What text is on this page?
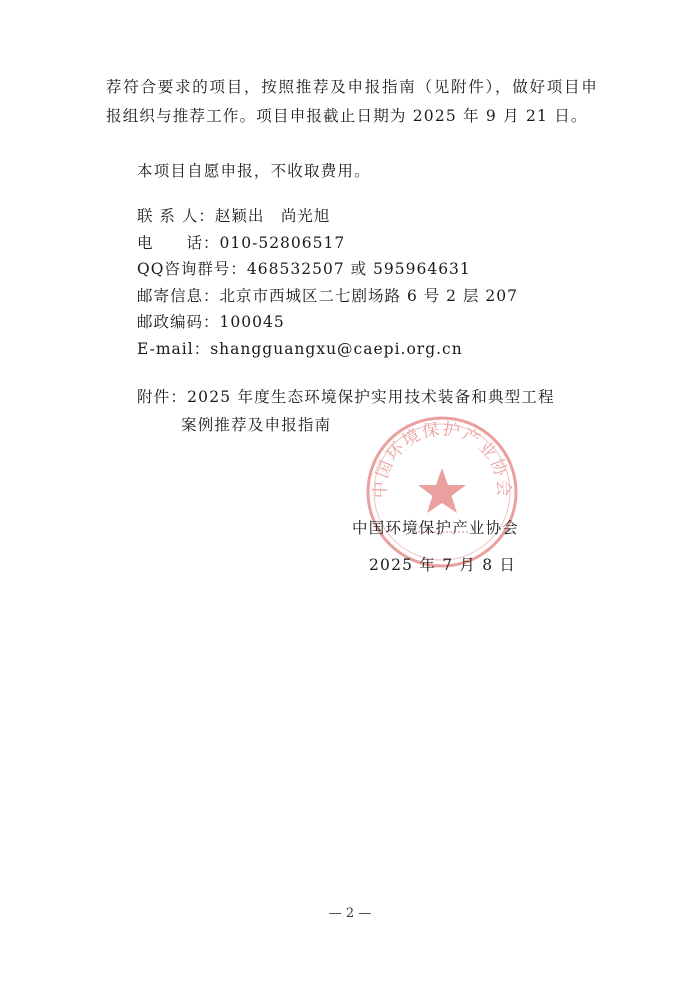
荐符合要求的项目，按照推荐及申报指南（见附件），做好项目申报组织与推荐工作。项目申报截止日期为 2025 年 9 月 21 日。

本项目自愿申报，不收取费用。

联 系 人： 赵颖出　尚光旭
电　　话： 010-52806517
QQ咨询群号： 468532507 或 595964631
邮寄信息： 北京市西城区二七剧场路 6 号 2 层 207
邮政编码： 100045
E-mail： shangguangxu@caepi.org.cn
附件：2025 年度生态环境保护实用技术装备和典型工程
案例推荐及申报指南
中国环境保护产业协会
中国环境保护产业协会
2025 年 7 月 8 日
— 2 —
